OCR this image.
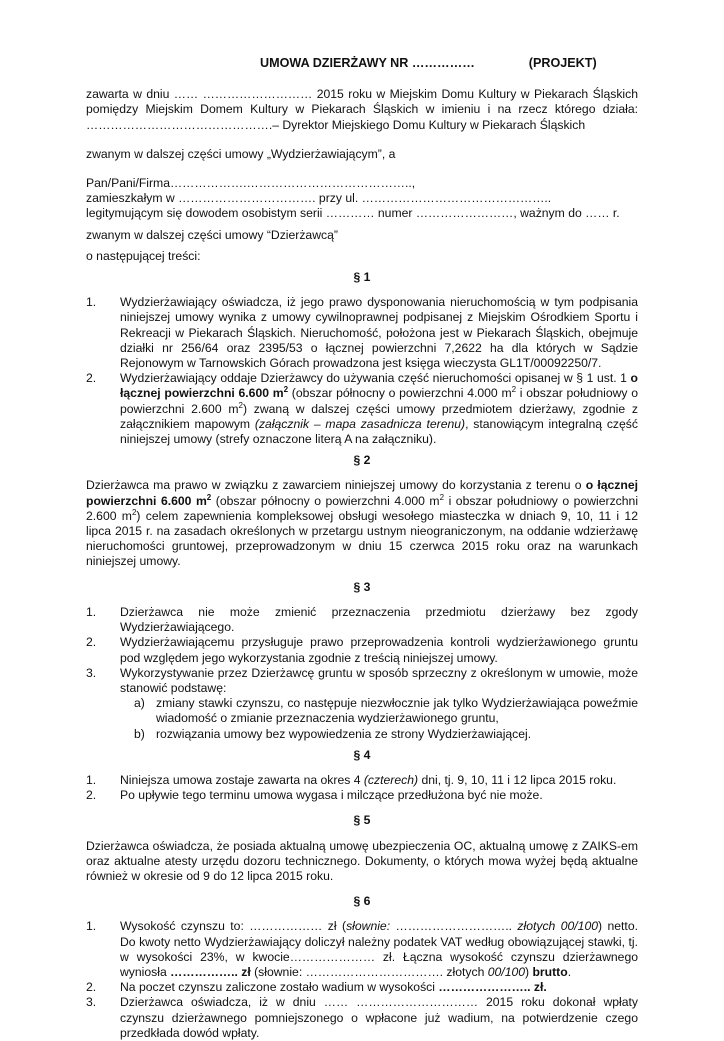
UMOWA DZIERŻAWY NR ……………	(PROJEKT)

zawarta w dniu …… ……………………… 2015 roku w Miejskim Domu Kultury w Piekarach Śląskich pomiędzy Miejskim Domem Kultury w Piekarach Śląskich w imieniu i na rzecz którego działa: ……………………………………….– Dyrektor Miejskiego Domu Kultury w Piekarach Śląskich

zwanym w dalszej części umowy „Wydzierżawiającym”, a

Pan/Pani/Firma……………….…………………………………..,

zamieszkałym w ……………………………. przy ul. ………………………………………..

legitymującym się dowodem osobistym serii ………… numer ……………………, ważnym do …… r.

zwanym w dalszej części umowy “Dzierżawcą”

o następującej treści:

§ 1
1. Wydzierżawiający oświadcza, iż jego prawo dysponowania nieruchomością w tym podpisania niniejszej umowy wynika z umowy cywilnoprawnej podpisanej z Miejskim Ośrodkiem Sportu i Rekreacji w Piekarach Śląskich. Nieruchomość, położona jest w Piekarach Śląskich, obejmuje działki nr 256/64 oraz 2395/53 o łącznej powierzchni 7,2622 ha dla których w Sądzie Rejonowym w Tarnowskich Górach prowadzona jest księga wieczysta GL1T/00092250/7.
2. Wydzierżawiający oddaje Dzierżawcy do używania część nieruchomości opisanej w § 1 ust. 1 o łącznej powierzchni 6.600 $m^2$ (obszar północny o powierzchni 4.000 $m^2$ i obszar południowy o powierzchni 2.600 $m^2$) zwaną w dalszej części umowy przedmiotem dzierżawy, zgodnie z załącznikiem mapowym (załącznik – mapa zasadnicza terenu), stanowiącym integralną część niniejszej umowy (strefy oznaczone literą A na załączniku).
§ 2

Dzierżawca ma prawo w związku z zawarciem niniejszej umowy do korzystania z terenu o o łącznej powierzchni 6.600 $m^2$ (obszar północny o powierzchni 4.000 $m^2$ i obszar południowy o powierzchni 2.600 $m^2$) celem zapewnienia kompleksowej obsługi wesołego miasteczka w dniach 9, 10, 11 i 12 lipca 2015 r. na zasadach określonych w przetargu ustnym nieograniczonym, na oddanie wdzierżawę nieruchomości gruntowej, przeprowadzonym w dniu 15 czerwca 2015 roku oraz na warunkach niniejszej umowy.

§ 3
1. Dzierżawca nie może zmienić przeznaczenia przedmiotu dzierżawy bez zgody Wydzierżawiającego.
2. Wydzierżawiającemu przysługuje prawo przeprowadzenia kontroli wydzierżawionego gruntu pod względem jego wykorzystania zgodnie z treścią niniejszej umowy.
3. Wykorzystywanie przez Dzierżawcę gruntu w sposób sprzeczny z określonym w umowie, może stanowić podstawę:
a) zmiany stawki czynszu, co następuje niezwłocznie jak tylko Wydzierżawiająca poweźmie wiadomość o zmianie przeznaczenia wydzierżawionego gruntu,
b) rozwiązania umowy bez wypowiedzenia ze strony Wydzierżawiającej.
§ 4
1. Niniejsza umowa zostaje zawarta na okres 4 (czterech) dni, tj. 9, 10, 11 i 12 lipca 2015 roku.
2. Po upływie tego terminu umowa wygasa i milczące przedłużona być nie może.
§ 5

Dzierżawca oświadcza, że posiada aktualną umowę ubezpieczenia OC, aktualną umowę z ZAIKS-em oraz aktualne atesty urzędu dozoru technicznego. Dokumenty, o których mowa wyżej będą aktualne również w okresie od 9 do 12 lipca 2015 roku.

§ 6
1. Wysokość czynszu to: ……………… zł (słownie: ……………………….. złotych 00/100) netto. Do kwoty netto Wydzierżawiający doliczył należny podatek VAT według obowiązującej stawki, tj. w wysokości 23%, w kwocie………………… zł. Łączna wysokość czynszu dzierżawnego wyniosła …………….. zł (słownie: ……………………………. złotych 00/100) brutto.
2. Na poczet czynszu zaliczone zostało wadium w wysokości ………………….. zł.
3. Dzierżawca oświadcza, iż w dniu …… ………………………… 2015 roku dokonał wpłaty czynszu dzierżawnego pomniejszonego o wpłacone już wadium, na potwierdzenie czego przedkłada dowód wpłaty.
